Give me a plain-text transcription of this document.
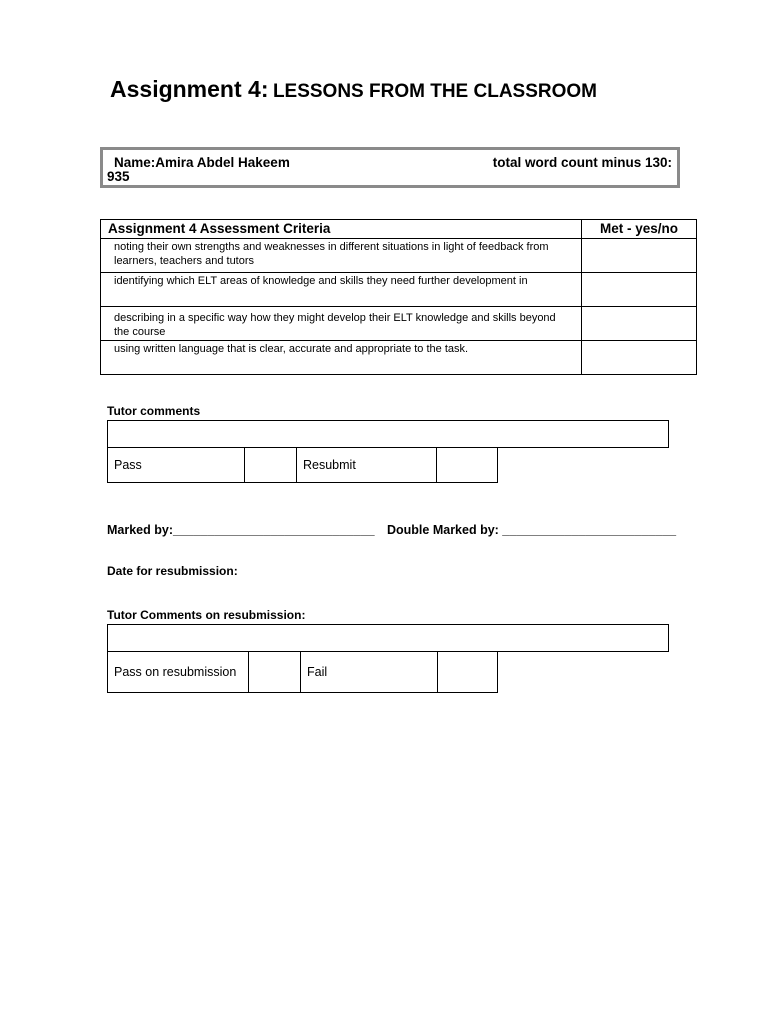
Assignment 4: LESSONS FROM THE CLASSROOM
Name:Amira Abdel Hakeem	total word count minus 130:
935
Assignment 4 Assessment Criteria	Met - yes/no
noting their own strengths and weaknesses in different situations in light of feedback from learners, teachers and tutors	
identifying which ELT areas of knowledge and skills they need further development in	
describing in a specific way how they might develop their ELT knowledge and skills beyond the course	
using written language that is clear, accurate and appropriate to the task.	
Tutor comments
Pass		Resubmit	
Marked by:_____________________________ Double Marked by: _________________________
Date for resubmission:
Tutor Comments on resubmission:
Pass on resubmission		Fail	
